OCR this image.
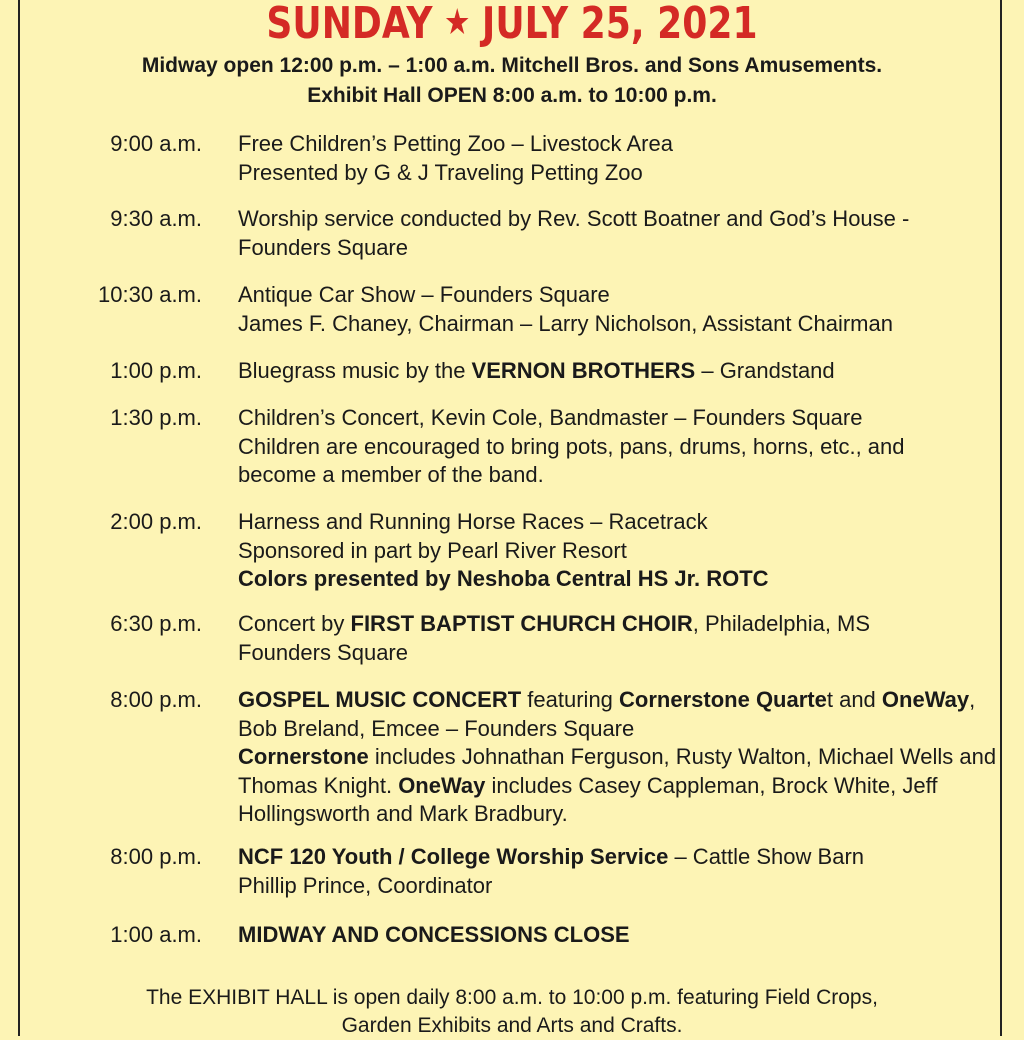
SUNDAY ★ JULY 25, 2021
Midway open 12:00 p.m. – 1:00 a.m. Mitchell Bros. and Sons Amusements.
Exhibit Hall OPEN 8:00 a.m. to 10:00 p.m.
9:00 a.m. Free Children’s Petting Zoo – Livestock Area
Presented by G & J Traveling Petting Zoo
9:30 a.m. Worship service conducted by Rev. Scott Boatner and God’s House -
Founders Square
10:30 a.m. Antique Car Show – Founders Square
James F. Chaney, Chairman – Larry Nicholson, Assistant Chairman
1:00 p.m. Bluegrass music by the VERNON BROTHERS – Grandstand
1:30 p.m. Children’s Concert, Kevin Cole, Bandmaster – Founders Square
Children are encouraged to bring pots, pans, drums, horns, etc., and
become a member of the band.
2:00 p.m. Harness and Running Horse Races – Racetrack
Sponsored in part by Pearl River Resort
Colors presented by Neshoba Central HS Jr. ROTC
6:30 p.m. Concert by FIRST BAPTIST CHURCH CHOIR, Philadelphia, MS
Founders Square
8:00 p.m. GOSPEL MUSIC CONCERT featuring Cornerstone Quartet and OneWay,
Bob Breland, Emcee – Founders Square
Cornerstone includes Johnathan Ferguson, Rusty Walton, Michael Wells and
Thomas Knight. OneWay includes Casey Cappleman, Brock White, Jeff
Hollingsworth and Mark Bradbury.
8:00 p.m. NCF 120 Youth / College Worship Service – Cattle Show Barn
Phillip Prince, Coordinator
1:00 a.m. MIDWAY AND CONCESSIONS CLOSE
The EXHIBIT HALL is open daily 8:00 a.m. to 10:00 p.m. featuring Field Crops,
Garden Exhibits and Arts and Crafts.
